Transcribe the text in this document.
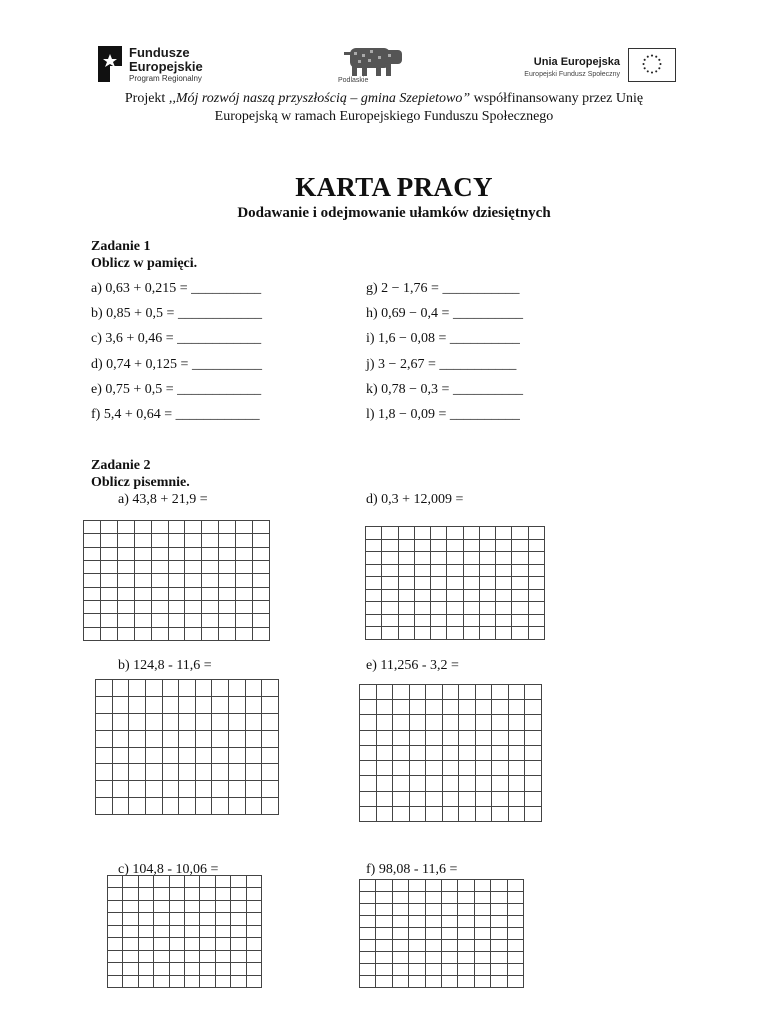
Fundusze
Europejskie
Program Regionalny	Podlaskie
Unia Europejska
Europejski Fundusz Społeczny
Projekt ,,Mój rozwój naszą przyszłością – gmina Szepietowo” współfinansowany przez Unię
Europejską w ramach Europejskiego Funduszu Społecznego
KARTA PRACY
Dodawanie i odejmowanie ułamków dziesiętnych
Zadanie 1
Oblicz w pamięci.
a) 0,63 + 0,215 = __________
b) 0,85 + 0,5 = ____________
c) 3,6 + 0,46 = ____________
d) 0,74 + 0,125 = __________
e) 0,75 + 0,5 = ____________
f) 5,4 + 0,64 = ____________
g) 2 − 1,76 = ___________
h) 0,69 − 0,4 = __________
i) 1,6 − 0,08 = __________
j) 3 − 2,67 = ___________
k) 0,78 − 0,3 = __________
l) 1,8 − 0,09 = __________
Zadanie 2
Oblicz pisemnie.
a) 43,8 + 21,9 =	d) 0,3 + 12,009 =
b) 124,8 - 11,6 =	e) 11,256 - 3,2 =
c) 104,8 - 10,06 =	f) 98,08 - 11,6 =
